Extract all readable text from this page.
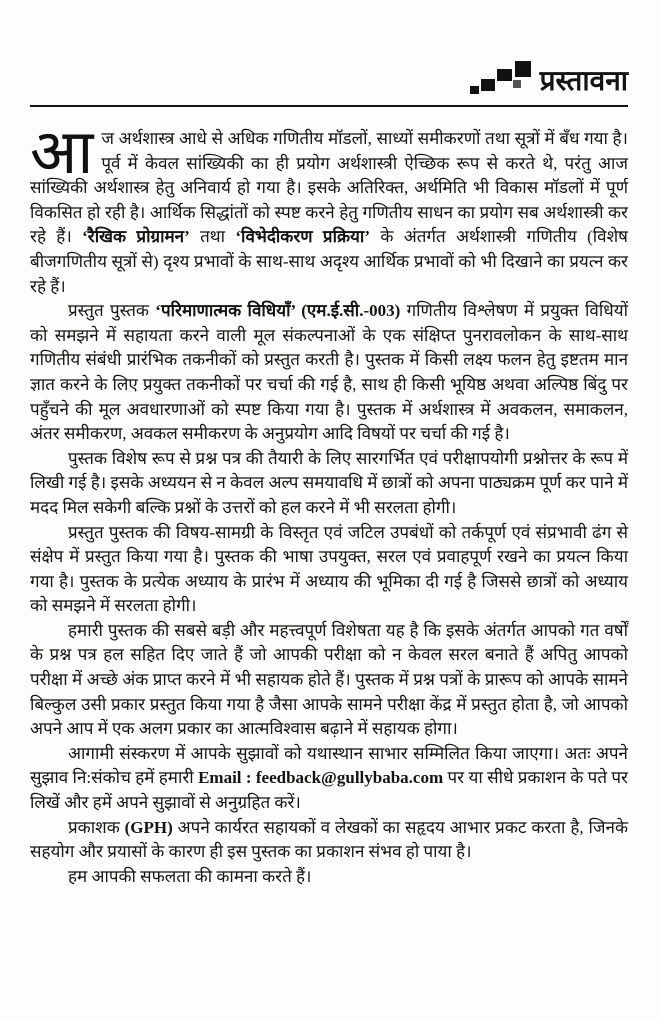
प्रस्तावना

आज अर्थशास्त्र आधे से अधिक गणितीय मॉडलों, साध्यों समीकरणों तथा सूत्रों में बँध गया है। पूर्व में केवल सांख्यिकी का ही प्रयोग अर्थशास्त्री ऐच्छिक रूप से करते थे, परंतु आज सांख्यिकी अर्थशास्त्र हेतु अनिवार्य हो गया है। इसके अतिरिक्त, अर्थमिति भी विकास मॉडलों में पूर्ण विकसित हो रही है। आर्थिक सिद्धांतों को स्पष्ट करने हेतु गणितीय साधन का प्रयोग सब अर्थशास्त्री कर रहे हैं। ‘रैखिक प्रोग्रामन’ तथा ‘विभेदीकरण प्रक्रिया’ के अंतर्गत अर्थशास्त्री गणितीय (विशेष बीजगणितीय सूत्रों से) दृश्य प्रभावों के साथ-साथ अदृश्य आर्थिक प्रभावों को भी दिखाने का प्रयत्न कर रहे हैं।

प्रस्तुत पुस्तक ‘परिमाणात्मक विधियाँ’ (एम.ई.सी.-003) गणितीय विश्लेषण में प्रयुक्त विधियों को समझने में सहायता करने वाली मूल संकल्पनाओं के एक संक्षिप्त पुनरावलोकन के साथ-साथ गणितीय संबंधी प्रारंभिक तकनीकों को प्रस्तुत करती है। पुस्तक में किसी लक्ष्य फलन हेतु इष्टतम मान ज्ञात करने के लिए प्रयुक्त तकनीकों पर चर्चा की गई है, साथ ही किसी भूयिष्ठ अथवा अल्पिष्ठ बिंदु पर पहुँचने की मूल अवधारणाओं को स्पष्ट किया गया है। पुस्तक में अर्थशास्त्र में अवकलन, समाकलन, अंतर समीकरण, अवकल समीकरण के अनुप्रयोग आदि विषयों पर चर्चा की गई है।

पुस्तक विशेष रूप से प्रश्न पत्र की तैयारी के लिए सारगर्भित एवं परीक्षापयोगी प्रश्नोत्तर के रूप में लिखी गई है। इसके अध्ययन से न केवल अल्प समयावधि में छात्रों को अपना पाठ्यक्रम पूर्ण कर पाने में मदद मिल सकेगी बल्कि प्रश्नों के उत्तरों को हल करने में भी सरलता होगी।

प्रस्तुत पुस्तक की विषय-सामग्री के विस्तृत एवं जटिल उपबंधों को तर्कपूर्ण एवं संप्रभावी ढंग से संक्षेप में प्रस्तुत किया गया है। पुस्तक की भाषा उपयुक्त, सरल एवं प्रवाहपूर्ण रखने का प्रयत्न किया गया है। पुस्तक के प्रत्येक अध्याय के प्रारंभ में अध्याय की भूमिका दी गई है जिससे छात्रों को अध्याय को समझने में सरलता होगी।

हमारी पुस्तक की सबसे बड़ी और महत्त्वपूर्ण विशेषता यह है कि इसके अंतर्गत आपको गत वर्षों के प्रश्न पत्र हल सहित दिए जाते हैं जो आपकी परीक्षा को न केवल सरल बनाते हैं अपितु आपको परीक्षा में अच्छे अंक प्राप्त करने में भी सहायक होते हैं। पुस्तक में प्रश्न पत्रों के प्रारूप को आपके सामने बिल्कुल उसी प्रकार प्रस्तुत किया गया है जैसा आपके सामने परीक्षा केंद्र में प्रस्तुत होता है, जो आपको अपने आप में एक अलग प्रकार का आत्मविश्वास बढ़ाने में सहायक होगा।

आगामी संस्करण में आपके सुझावों को यथास्थान साभार सम्मिलित किया जाएगा। अतः अपने सुझाव नि:संकोच हमें हमारी Email : feedback@gullybaba.com पर या सीधे प्रकाशन के पते पर लिखें और हमें अपने सुझावों से अनुग्रहित करें।

प्रकाशक (GPH) अपने कार्यरत सहायकों व लेखकों का सहृदय आभार प्रकट करता है, जिनके सहयोग और प्रयासों के कारण ही इस पुस्तक का प्रकाशन संभव हो पाया है।

हम आपकी सफलता की कामना करते हैं।
